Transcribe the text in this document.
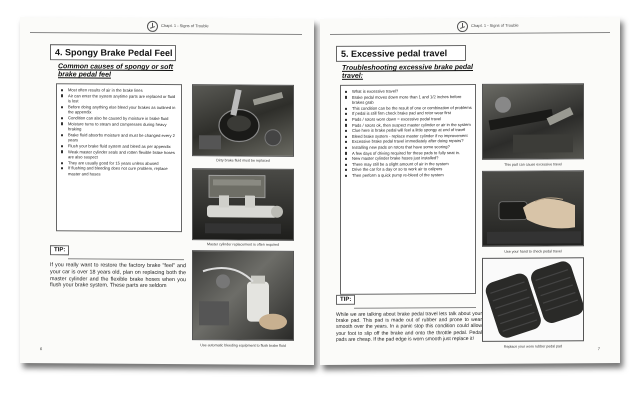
Chapt. 1 - Signs of Trouble
4. Spongy Brake Pedal Feel
Common causes of spongy or soft brake pedal feel
Most often results of air in the brake lines
Air can enter the system anytime parts are replaced or fluid is lost
Before doing anything else bleed your brakes as outlined in the appendix
Condition can also be caused by moisture in brake fluid
Moisture turns to steam and compresses during heavy braking
Brake fluid absorbs moisture and must be changed every 2 years
Flush your brake fluid system and bleed as per appendix
Weak master cylinder seals and rotten flexible brake hoses are also suspect
They are usually good for 15 years unless abused
If flushing and bleeding does not cure problem, replace master and hoses
Dirty brake fluid must be replaced
Master cylinder replacement is often required
TIP:
If you really want to restore the factory brake "feel" and your car is over 18 years old, plan on replacing both the master cylinder and the flexible brake hoses when you flush your brake system. These parts are seldom
Use automatic bleeding equipment to flush brake fluid
6
Chapt. 1 - Signs of Trouble
5. Excessive pedal travel
Troubleshooting excessive brake pedal travel:
What is excessive travel?
Brake pedal moves down more than 1 and 1/2 inches before brakes grab
This condition can be the result of one or combination of problems
If pedal is still firm check brake pad and rotor wear first
Pads / rotors worn down = excessive pedal travel
Pads / rotors ok, then suspect master cylinder or air in the system
Clue here is brake pedal will feel a little spongy at end of travel
Bleed brake system - replace master cylinder if no improvement
Excessive brake pedal travel immediately after doing repairs?
Installing new pads on rotors that have some scoring?
A few days of driving required for these pads to fully seat in.
New master cylinder brake hoses just installed?
There may still be a slight amount of air in the system
Drive the car for a day or so to work air to calipers
Then perform a quick pump re-bleed of the system
This pad can cause excessive travel
Use your hand to check pedal travel
TIP:
While we are talking about brake pedal travel lets talk about your brake pad. This pad is made out of rubber and prone to wear smooth over the years. In a panic stop this condition could allow your foot to slip off the brake and onto the throttle pedal. Pedal pads are cheap. If the pad edge is worn smooth just replace it!
Replace your worn rubber pedal pad	7
